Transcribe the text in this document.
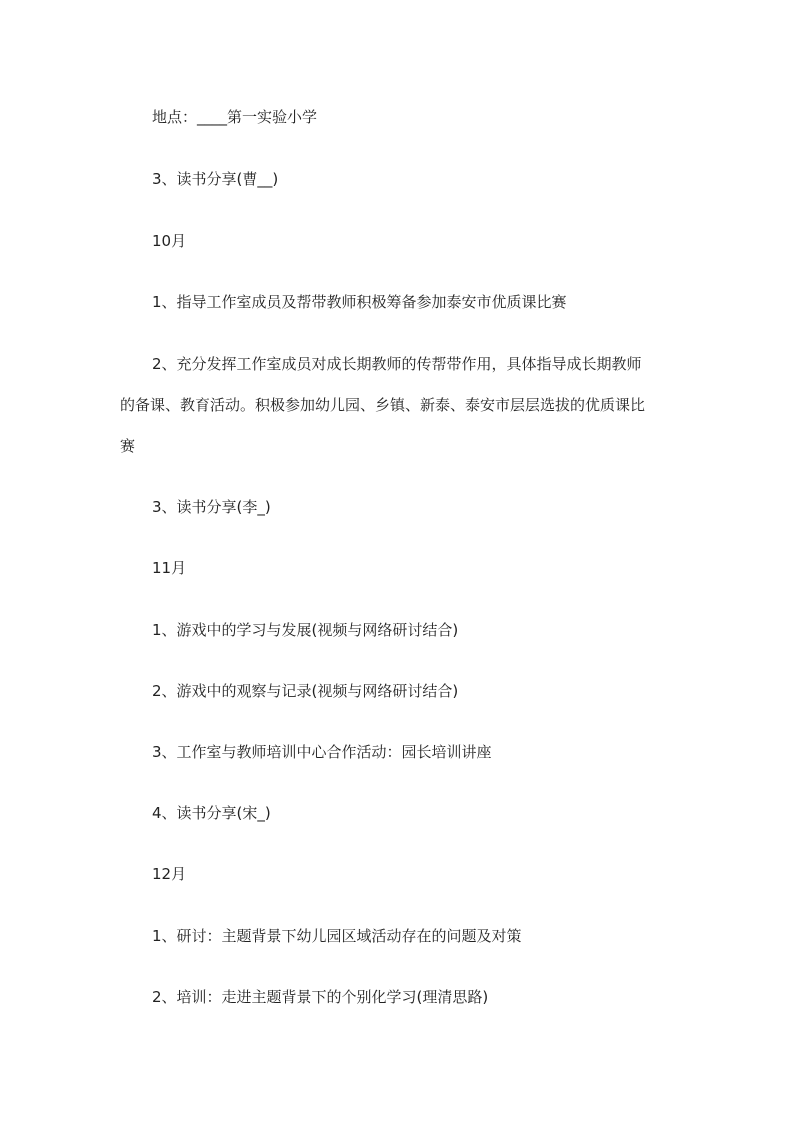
地点：____第一实验小学
3、读书分享(曹__)
10月
1、指导工作室成员及帮带教师积极筹备参加泰安市优质课比赛
2、充分发挥工作室成员对成长期教师的传帮带作用，具体指导成长期教师
的备课、教育活动。积极参加幼儿园、乡镇、新泰、泰安市层层选拔的优质课比
赛
3、读书分享(李_)
11月
1、游戏中的学习与发展(视频与网络研讨结合)
2、游戏中的观察与记录(视频与网络研讨结合)
3、工作室与教师培训中心合作活动：园长培训讲座
4、读书分享(宋_)
12月
1、研讨：主题背景下幼儿园区域活动存在的问题及对策
2、培训：走进主题背景下的个别化学习(理清思路)
